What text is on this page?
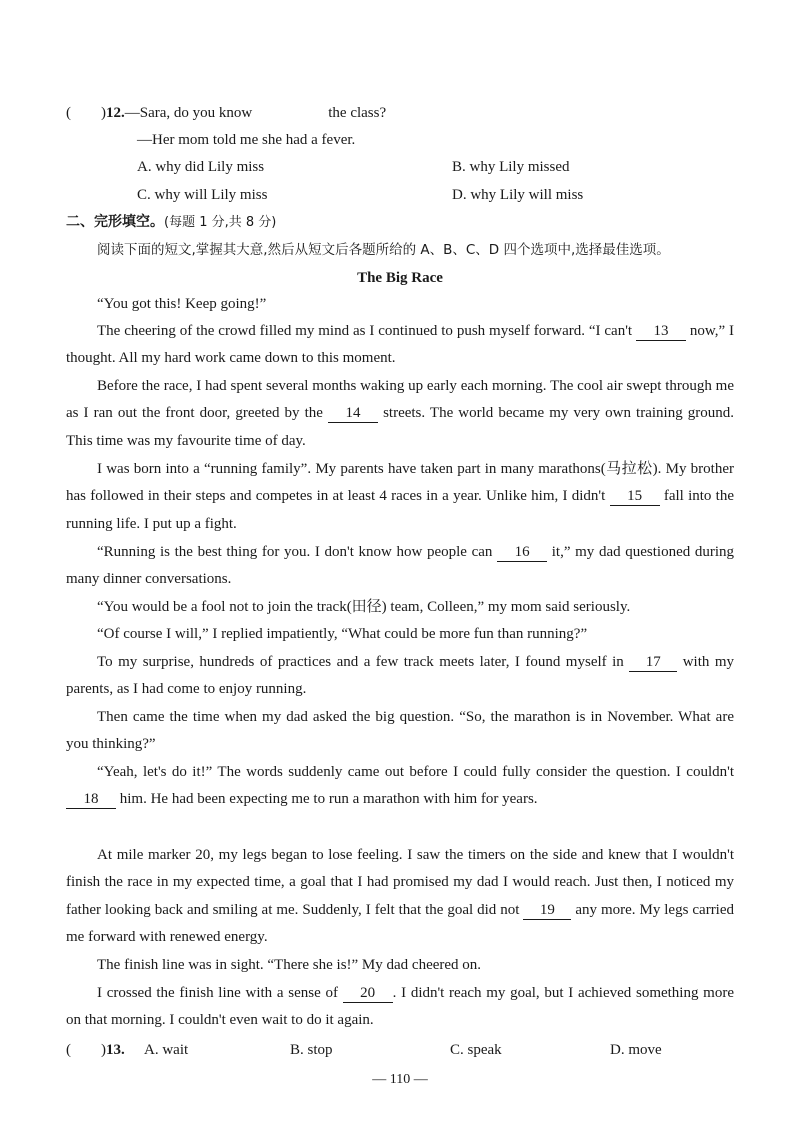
( )12.—Sara, do you know	the class?
—Her mom told me she had a fever.
A. why did Lily miss	B. why Lily missed
C. why will Lily miss	D. why Lily will miss
二、完形填空。(每题 1 分,共 8 分)
阅读下面的短文,掌握其大意,然后从短文后各题所给的 A、B、C、D 四个选项中,选择最佳选项。
The Big Race
“You got this! Keep going!”
The cheering of the crowd filled my mind as I continued to push myself forward. “I can't 13 now,” I thought. All my hard work came down to this moment.
Before the race, I had spent several months waking up early each morning. The cool air swept through me as I ran out the front door, greeted by the 14 streets. The world became my very own training ground. This time was my favourite time of day.
I was born into a “running family”. My parents have taken part in many marathons(马拉松). My brother has followed in their steps and competes in at least 4 races in a year. Unlike him, I didn't 15 fall into the running life. I put up a fight.
“Running is the best thing for you. I don't know how people can 16 it,” my dad questioned during many dinner conversations.
“You would be a fool not to join the track(田径) team, Colleen,” my mom said seriously.
“Of course I will,” I replied impatiently, “What could be more fun than running?”
To my surprise, hundreds of practices and a few track meets later, I found myself in 17 with my parents, as I had come to enjoy running.
Then came the time when my dad asked the big question. “So, the marathon is in November. What are you thinking?”
“Yeah, let's do it!” The words suddenly came out before I could fully consider the question. I couldn't 18 him. He had been expecting me to run a marathon with him for years.
At mile marker 20, my legs began to lose feeling. I saw the timers on the side and knew that I wouldn't finish the race in my expected time, a goal that I had promised my dad I would reach. Just then, I noticed my father looking back and smiling at me. Suddenly, I felt that the goal did not 19 any more. My legs carried me forward with renewed energy.
The finish line was in sight. “There she is!” My dad cheered on.
I crossed the finish line with a sense of 20 . I didn't reach my goal, but I achieved something more on that morning. I couldn't even wait to do it again.
( )13. A. wait	B. stop	C. speak	D. move
— 110 —
